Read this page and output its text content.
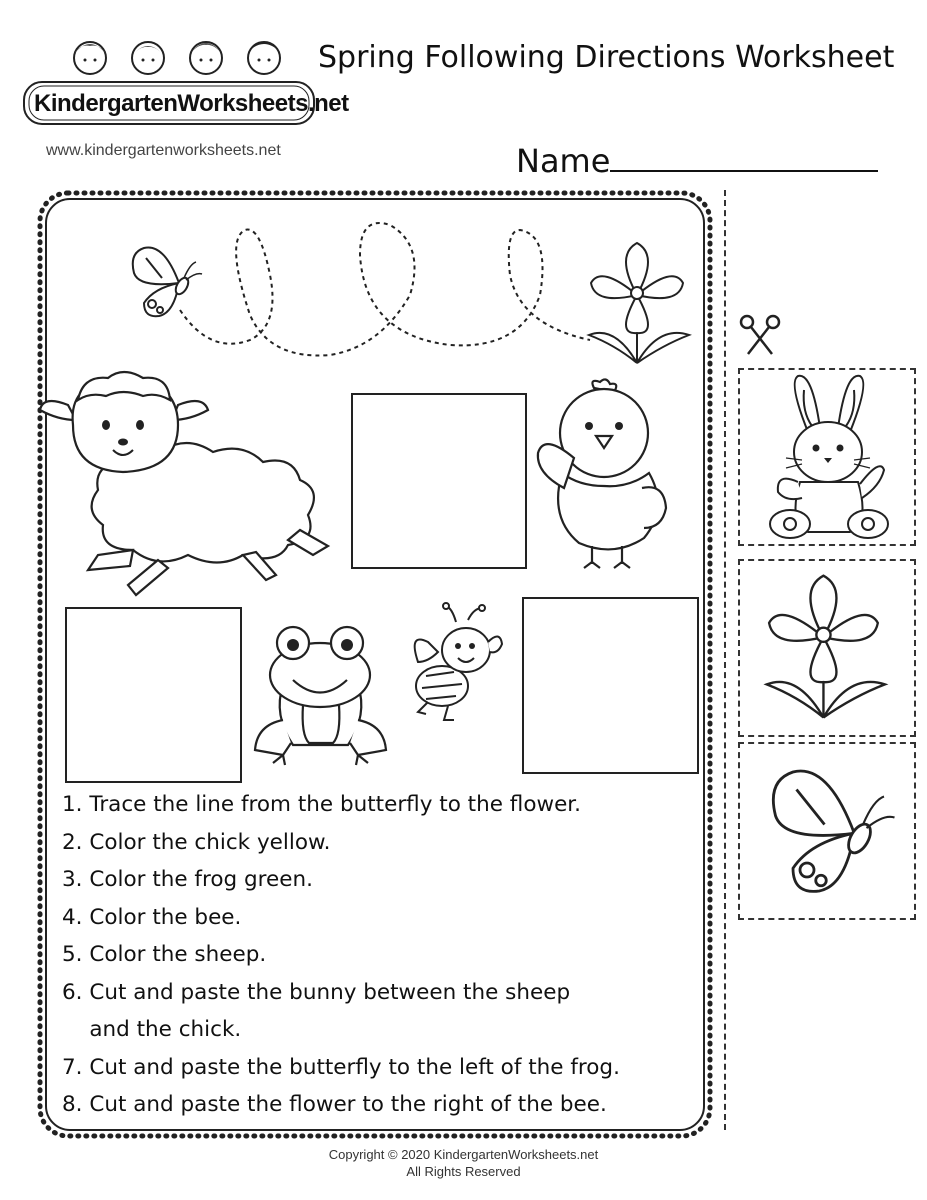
KindergartenWorksheets.net
www.kindergartenworksheets.net
Spring Following Directions Worksheet
Name
1. Trace the line from the butterfly to the flower.
2. Color the chick yellow.
3. Color the frog green.
4. Color the bee.
5. Color the sheep.
6. Cut and paste the bunny between the sheep
and the chick.
7. Cut and paste the butterfly to the left of the frog.
8. Cut and paste the flower to the right of the bee.
Copyright © 2020 KindergartenWorksheets.net
All Rights Reserved
